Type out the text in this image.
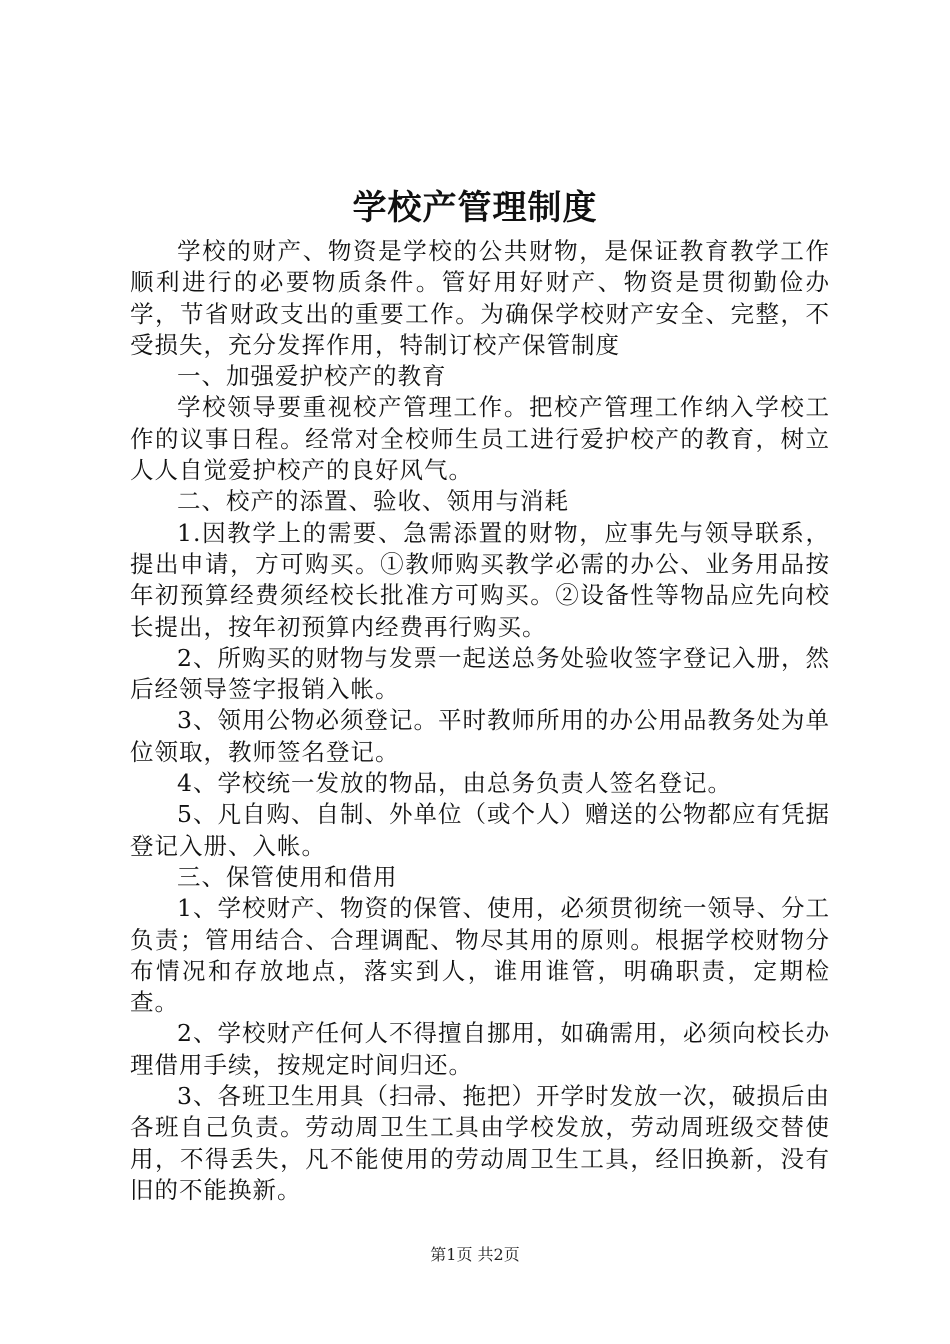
学校产管理制度

学校的财产、物资是学校的公共财物，是保证教育教学工作顺利进行的必要物质条件。管好用好财产、物资是贯彻勤俭办学，节省财政支出的重要工作。为确保学校财产安全、完整，不受损失，充分发挥作用，特制订校产保管制度

一、加强爱护校产的教育

学校领导要重视校产管理工作。把校产管理工作纳入学校工作的议事日程。经常对全校师生员工进行爱护校产的教育，树立人人自觉爱护校产的良好风气。

二、校产的添置、验收、领用与消耗

1.因教学上的需要、急需添置的财物，应事先与领导联系，提出申请，方可购买。①教师购买教学必需的办公、业务用品按年初预算经费须经校长批准方可购买。②设备性等物品应先向校长提出，按年初预算内经费再行购买。

2、所购买的财物与发票一起送总务处验收签字登记入册，然后经领导签字报销入帐。

3、领用公物必须登记。平时教师所用的办公用品教务处为单位领取，教师签名登记。

4、学校统一发放的物品，由总务负责人签名登记。

5、凡自购、自制、外单位（或个人）赠送的公物都应有凭据登记入册、入帐。

三、保管使用和借用

1、学校财产、物资的保管、使用，必须贯彻统一领导、分工负责；管用结合、合理调配、物尽其用的原则。根据学校财物分布情况和存放地点，落实到人，谁用谁管，明确职责，定期检查。

2、学校财产任何人不得擅自挪用，如确需用，必须向校长办理借用手续，按规定时间归还。

3、各班卫生用具（扫帚、拖把）开学时发放一次，破损后由各班自己负责。劳动周卫生工具由学校发放，劳动周班级交替使用，不得丢失，凡不能使用的劳动周卫生工具，经旧换新，没有旧的不能换新。

第1页 共2页
